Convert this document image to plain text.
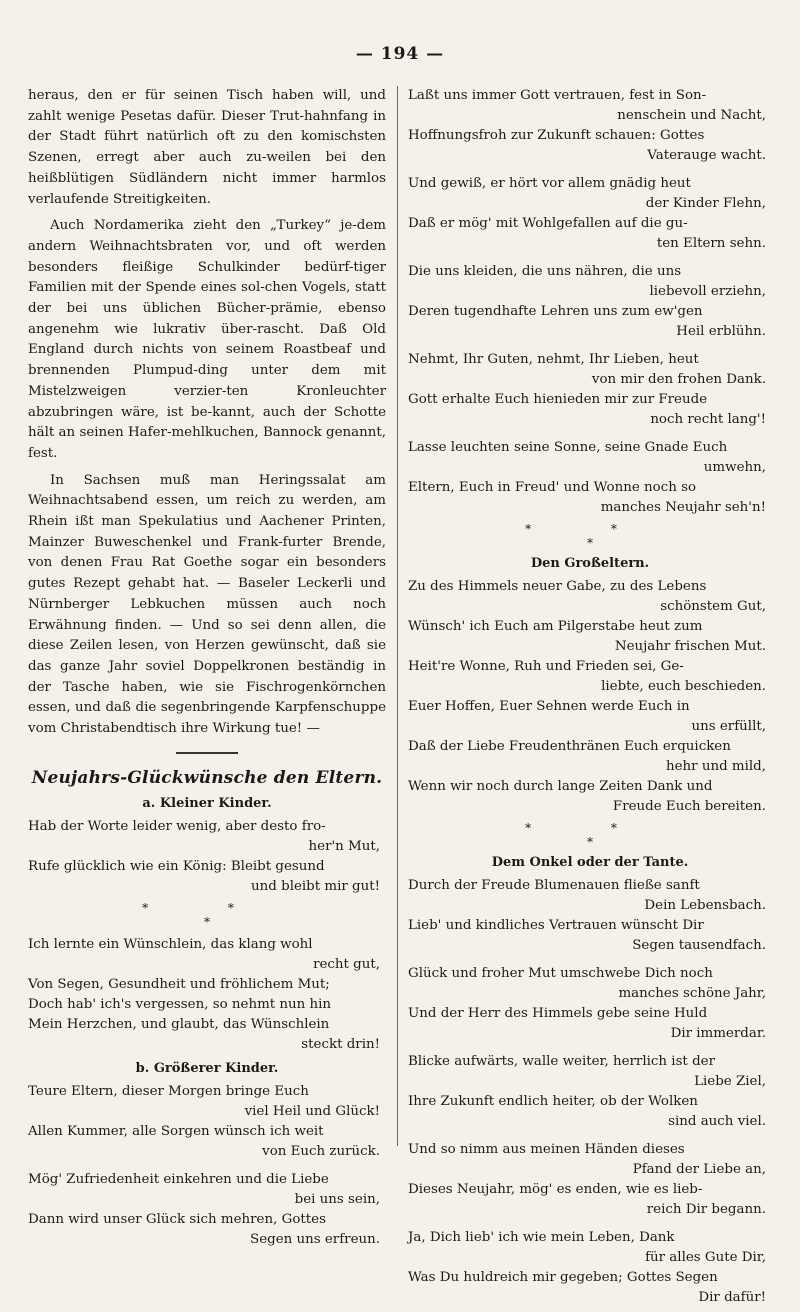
— 194 —

heraus, den er für seinen Tisch haben will, und zahlt wenige Pesetas dafür. Dieser Trut-hahnfang in der Stadt führt natürlich oft zu den komischsten Szenen, erregt aber auch zu-weilen bei den heißblütigen Südländern nicht immer harmlos verlaufende Streitigkeiten.

Auch Nordamerika zieht den „Turkey“ je-dem andern Weihnachtsbraten vor, und oft werden besonders fleißige Schulkinder bedürf-tiger Familien mit der Spende eines sol-chen Vogels, statt der bei uns üblichen Bücher-prämie, ebenso angenehm wie lukrativ über-rascht. Daß Old England durch nichts von seinem Roastbeaf und brennenden Plumpud-ding unter dem mit Mistelzweigen verzier-ten Kronleuchter abzubringen wäre, ist be-kannt, auch der Schotte hält an seinen Hafer-mehlkuchen, Bannock genannt, fest.

In Sachsen muß man Heringssalat am Weihnachtsabend essen, um reich zu werden, am Rhein ißt man Spekulatius und Aachener Printen, Mainzer Buweschenkel und Frank-furter Brende, von denen Frau Rat Goethe sogar ein besonders gutes Rezept gehabt hat. — Baseler Leckerli und Nürnberger Lebkuchen müssen auch noch Erwähnung finden. — Und so sei denn allen, die diese Zeilen lesen, von Herzen gewünscht, daß sie das ganze Jahr soviel Doppelkronen beständig in der Tasche haben, wie sie Fischrogenkörnchen essen, und daß die segenbringende Karpfenschuppe vom Christabendtisch ihre Wirkung tue! —

Neujahrs-Glückwünsche den Eltern.
a. Kleiner Kinder.
Hab der Worte leider wenig, aber desto fro-
her'n Mut,
Rufe glücklich wie ein König: Bleibt gesund
und bleibt mir gut!
* *
*
Ich lernte ein Wünschlein, das klang wohl
recht gut,
Von Segen, Gesundheit und fröhlichem Mut;
Doch hab' ich's vergessen, so nehmt nun hin
Mein Herzchen, und glaubt, das Wünschlein
steckt drin!
b. Größerer Kinder.
Teure Eltern, dieser Morgen bringe Euch
viel Heil und Glück!
Allen Kummer, alle Sorgen wünsch ich weit
von Euch zurück.
Mög' Zufriedenheit einkehren und die Liebe
bei uns sein,
Dann wird unser Glück sich mehren, Gottes
Segen uns erfreun.
Laßt uns immer Gott vertrauen, fest in Son-
nenschein und Nacht,
Hoffnungsfroh zur Zukunft schauen: Gottes
Vaterauge wacht.
Und gewiß, er hört vor allem gnädig heut
der Kinder Flehn,
Daß er mög' mit Wohlgefallen auf die gu-
ten Eltern sehn.
Die uns kleiden, die uns nähren, die uns
liebevoll erziehn,
Deren tugendhafte Lehren uns zum ew'gen
Heil erblühn.
Nehmt, Ihr Guten, nehmt, Ihr Lieben, heut
von mir den frohen Dank.
Gott erhalte Euch hienieden mir zur Freude
noch recht lang'!
Lasse leuchten seine Sonne, seine Gnade Euch
umwehn,
Eltern, Euch in Freud' und Wonne noch so
manches Neujahr seh'n!
* *
*
Den Großeltern.
Zu des Himmels neuer Gabe, zu des Lebens
schönstem Gut,
Wünsch' ich Euch am Pilgerstabe heut zum
Neujahr frischen Mut.
Heit're Wonne, Ruh und Frieden sei, Ge-
liebte, euch beschieden.
Euer Hoffen, Euer Sehnen werde Euch in
uns erfüllt,
Daß der Liebe Freudenthränen Euch erquicken
hehr und mild,
Wenn wir noch durch lange Zeiten Dank und
Freude Euch bereiten.
* *
*
Dem Onkel oder der Tante.
Durch der Freude Blumenauen fließe sanft
Dein Lebensbach.
Lieb' und kindliches Vertrauen wünscht Dir
Segen tausendfach.
Glück und froher Mut umschwebe Dich noch
manches schöne Jahr,
Und der Herr des Himmels gebe seine Huld
Dir immerdar.
Blicke aufwärts, walle weiter, herrlich ist der
Liebe Ziel,
Ihre Zukunft endlich heiter, ob der Wolken
sind auch viel.
Und so nimm aus meinen Händen dieses
Pfand der Liebe an,
Dieses Neujahr, mög' es enden, wie es lieb-
reich Dir begann.
Ja, Dich lieb' ich wie mein Leben, Dank
für alles Gute Dir,
Was Du huldreich mir gegeben; Gottes Segen
Dir dafür!
